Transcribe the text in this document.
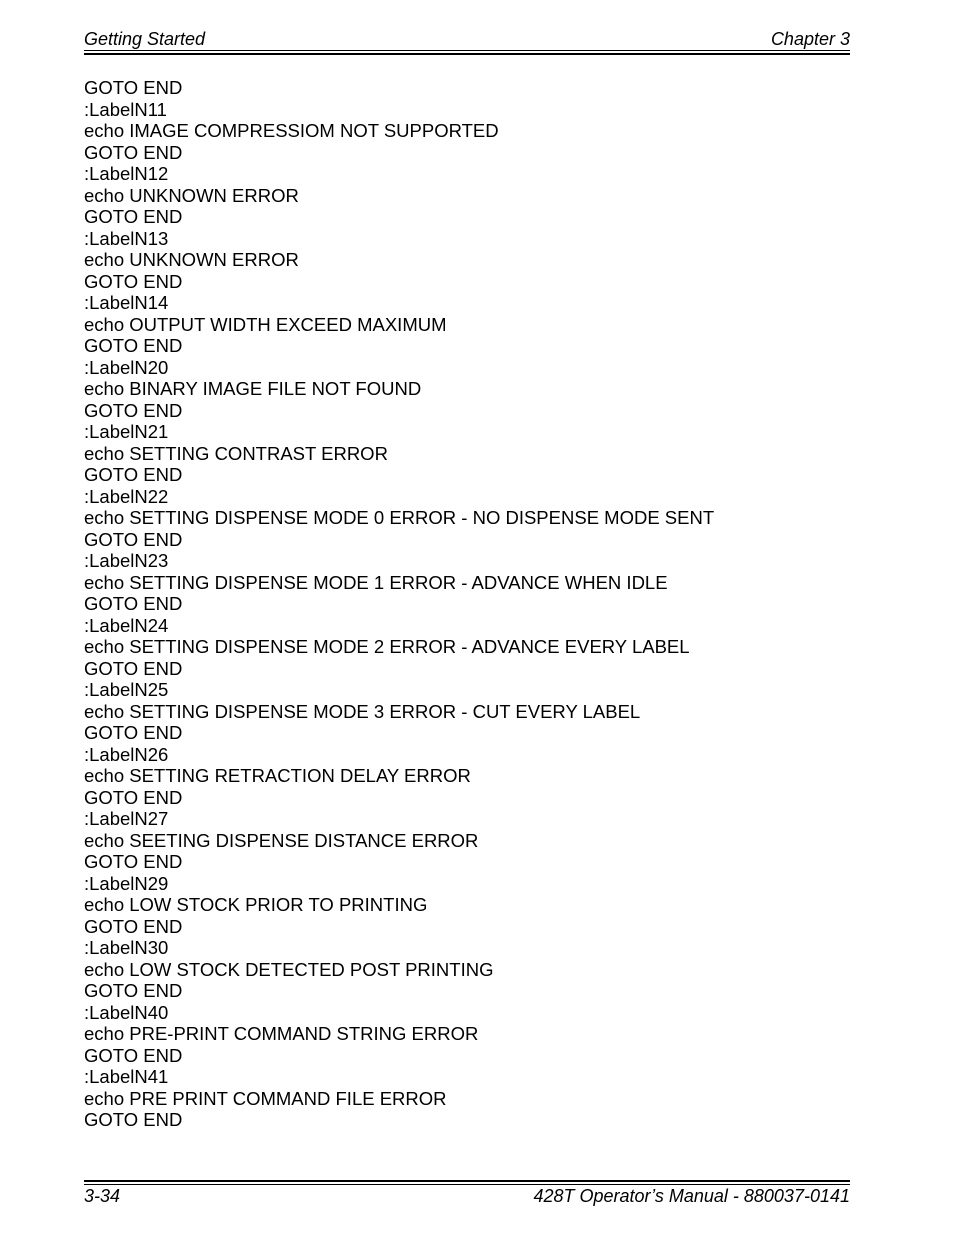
Getting Started	Chapter 3
GOTO END
:LabelN11
echo IMAGE COMPRESSIOM NOT SUPPORTED
GOTO END
:LabelN12
echo UNKNOWN ERROR
GOTO END
:LabelN13
echo UNKNOWN ERROR
GOTO END
:LabelN14
echo OUTPUT WIDTH EXCEED MAXIMUM
GOTO END
:LabelN20
echo BINARY IMAGE FILE NOT FOUND
GOTO END
:LabelN21
echo SETTING CONTRAST ERROR
GOTO END
:LabelN22
echo SETTING DISPENSE MODE 0 ERROR - NO DISPENSE MODE SENT
GOTO END
:LabelN23
echo SETTING DISPENSE MODE 1 ERROR - ADVANCE WHEN IDLE
GOTO END
:LabelN24
echo SETTING DISPENSE MODE 2 ERROR - ADVANCE EVERY LABEL
GOTO END
:LabelN25
echo SETTING DISPENSE MODE 3 ERROR - CUT EVERY LABEL
GOTO END
:LabelN26
echo SETTING RETRACTION DELAY ERROR
GOTO END
:LabelN27
echo SEETING DISPENSE DISTANCE ERROR
GOTO END
:LabelN29
echo LOW STOCK PRIOR TO PRINTING
GOTO END
:LabelN30
echo LOW STOCK DETECTED POST PRINTING
GOTO END
:LabelN40
echo PRE-PRINT COMMAND STRING ERROR
GOTO END
:LabelN41
echo PRE PRINT COMMAND FILE ERROR
GOTO END
3-34	428T Operator’s Manual - 880037-0141
